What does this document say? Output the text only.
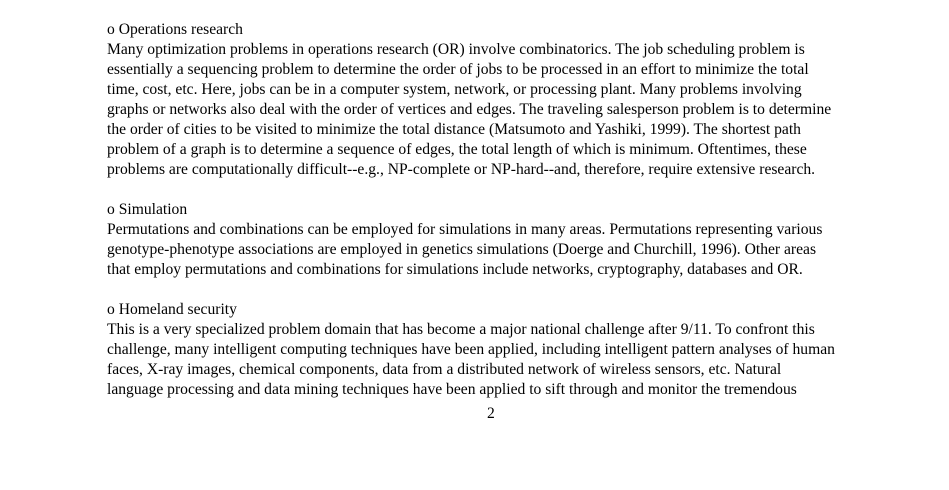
o Operations research
Many optimization problems in operations research (OR) involve combinatorics. The job scheduling problem is
essentially a sequencing problem to determine the order of jobs to be processed in an effort to minimize the total
time, cost, etc. Here, jobs can be in a computer system, network, or processing plant. Many problems involving
graphs or networks also deal with the order of vertices and edges. The traveling salesperson problem is to determine
the order of cities to be visited to minimize the total distance (Matsumoto and Yashiki, 1999). The shortest path
problem of a graph is to determine a sequence of edges, the total length of which is minimum. Oftentimes, these
problems are computationally difficult--e.g., NP-complete or NP-hard--and, therefore, require extensive research.
o Simulation
Permutations and combinations can be employed for simulations in many areas. Permutations representing various
genotype-phenotype associations are employed in genetics simulations (Doerge and Churchill, 1996). Other areas
that employ permutations and combinations for simulations include networks, cryptography, databases and OR.
o Homeland security
This is a very specialized problem domain that has become a major national challenge after 9/11. To confront this
challenge, many intelligent computing techniques have been applied, including intelligent pattern analyses of human
faces, X-ray images, chemical components, data from a distributed network of wireless sensors, etc. Natural
language processing and data mining techniques have been applied to sift through and monitor the tremendous
2
